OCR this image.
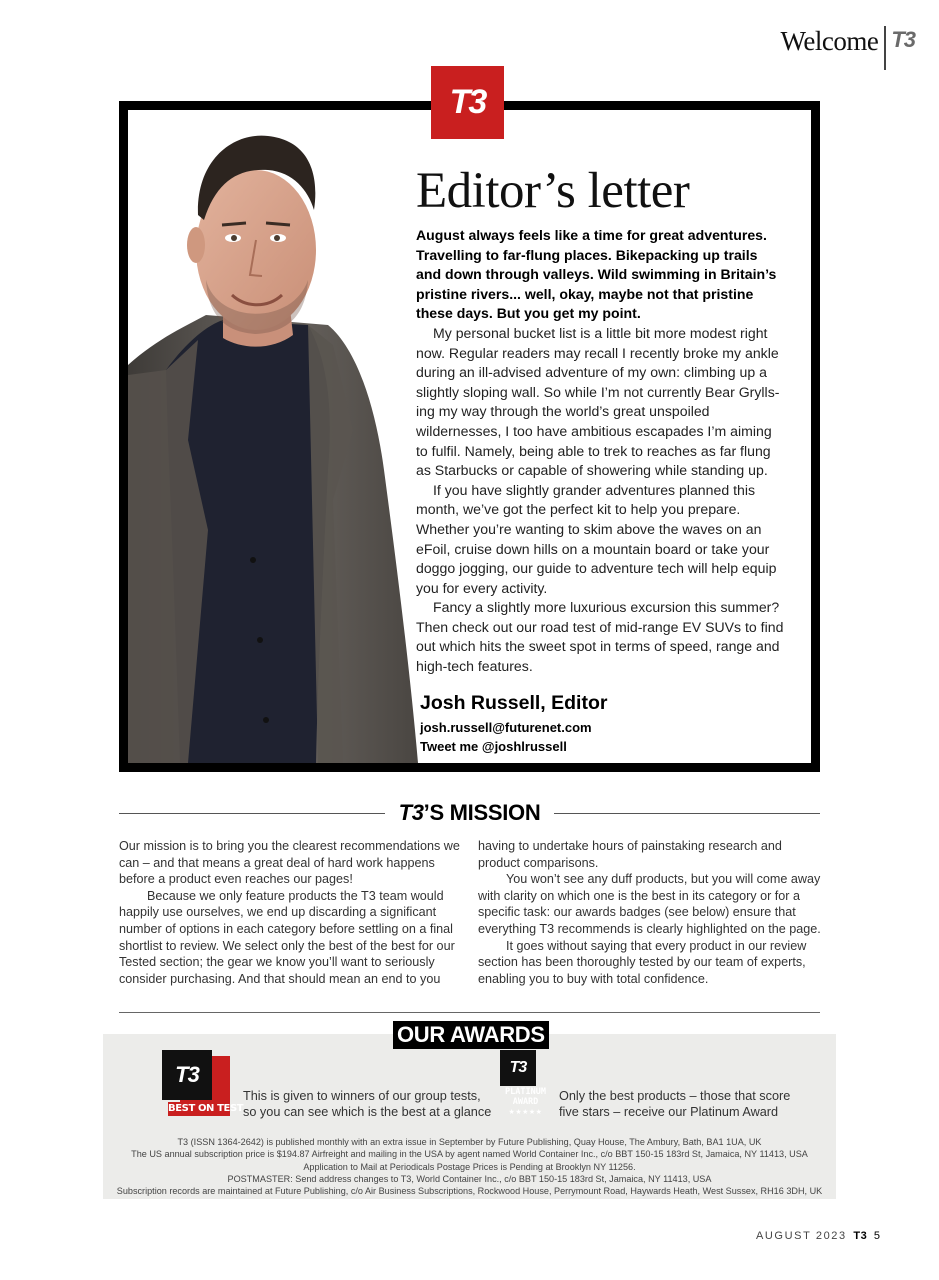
Welcome T3
T3
Editor’s letter

August always feels like a time for great adventures. Travelling to far-flung places. Bikepacking up trails and down through valleys. Wild swimming in Britain’s pristine rivers... well, okay, maybe not that pristine these days. But you get my point.

My personal bucket list is a little bit more modest right now. Regular readers may recall I recently broke my ankle during an ill-advised adventure of my own: climbing up a slightly sloping wall. So while I’m not currently Bear Grylls-ing my way through the world’s great unspoiled wildernesses, I too have ambitious escapades I’m aiming to fulfil. Namely, being able to trek to reaches as far flung as Starbucks or capable of showering while standing up.

If you have slightly grander adventures planned this month, we’ve got the perfect kit to help you prepare. Whether you’re wanting to skim above the waves on an eFoil, cruise down hills on a mountain board or take your doggo jogging, our guide to adventure tech will help equip you for every activity.

Fancy a slightly more luxurious excursion this summer? Then check out our road test of mid-range EV SUVs to find out which hits the sweet spot in terms of speed, range and high-tech features.

Josh Russell, Editor
josh.russell@futurenet.com
Tweet me @joshlrussell
T3’S MISSION

Our mission is to bring you the clearest recommendations we can – and that means a great deal of hard work happens before a product even reaches our pages!

Because we only feature products the T3 team would happily use ourselves, we end up discarding a significant number of options in each category before settling on a final shortlist to review. We select only the best of the best for our Tested section; the gear we know you’ll want to seriously consider purchasing. And that should mean an end to you

having to undertake hours of painstaking research and product comparisons.

You won’t see any duff products, but you will come away with clarity on which one is the best in its category or for a specific task: our awards badges (see below) ensure that everything T3 recommends is clearly highlighted on the page.

It goes without saying that every product in our review section has been thoroughly tested by our team of experts, enabling you to buy with total confidence.

OUR AWARDS
T3
BEST ON TEST
This is given to winners of our group tests,
so you can see which is the best at a glance
T3
PLATINUM
AWARD
★★★★★
Only the best products – those that score
five stars – receive our Platinum Award
T3 (ISSN 1364-2642) is published monthly with an extra issue in September by Future Publishing, Quay House, The Ambury, Bath, BA1 1UA, UK
The US annual subscription price is $194.87 Airfreight and mailing in the USA by agent named World Container Inc., c/o BBT 150-15 183rd St, Jamaica, NY 11413, USA
Application to Mail at Periodicals Postage Prices is Pending at Brooklyn NY 11256.
POSTMASTER: Send address changes to T3, World Container Inc., c/o BBT 150-15 183rd St, Jamaica, NY 11413, USA
Subscription records are maintained at Future Publishing, c/o Air Business Subscriptions, Rockwood House, Perrymount Road, Haywards Heath, West Sussex, RH16 3DH, UK
AUGUST 2023 T3 5
